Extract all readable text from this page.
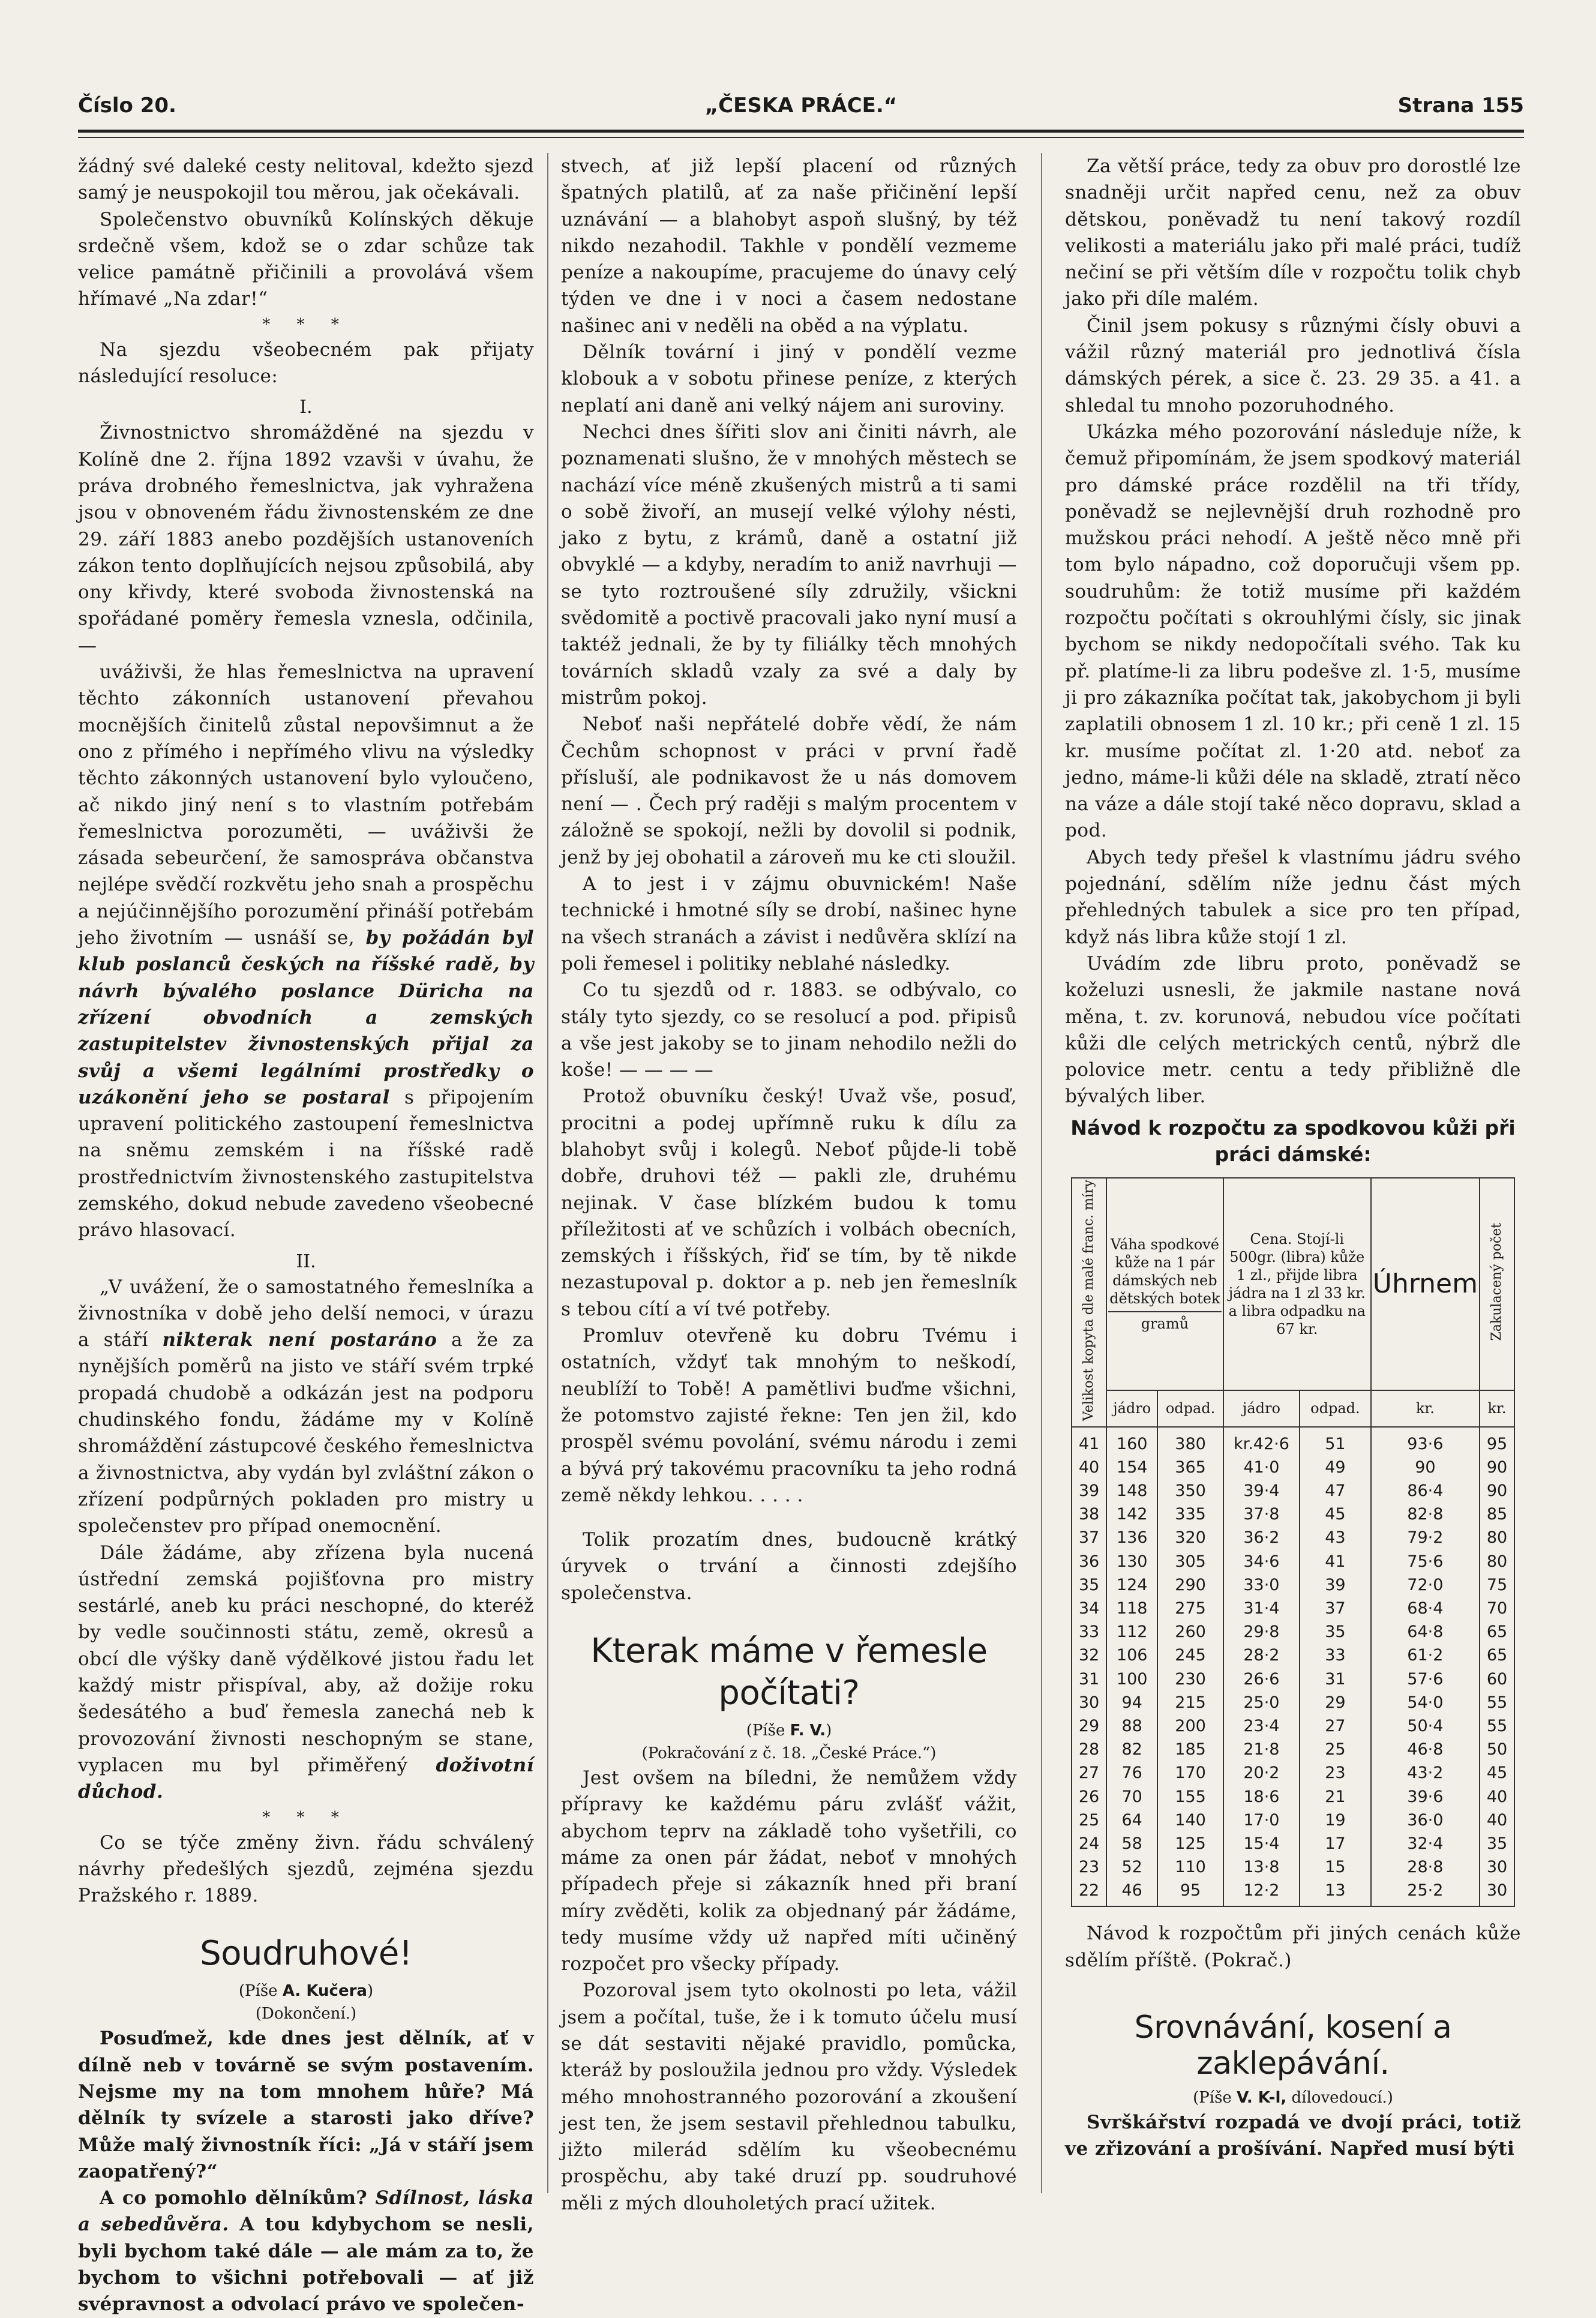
Číslo 20.	„ČESKA PRÁCE.“	Strana 155

žádný své daleké cesty nelitoval, kdežto sjezd samý je neuspokojil tou měrou, jak očekávali.

Společenstvo obuvníků Kolínských děkuje srdečně všem, kdož se o zdar schůze tak velice památně přičinili a provolává všem hřímavé „Na zdar!“

* * *

Na sjezdu všeobecném pak přijaty následující resoluce:

I.

Živnostnictvo shromážděné na sjezdu v Kolíně dne 2. října 1892 vzavši v úvahu, že práva drobného řemeslnictva, jak vyhražena jsou v obnoveném řádu živnostenském ze dne 29. září 1883 anebo pozdějších ustanoveních zákon tento doplňujících nejsou způsobilá, aby ony křivdy, které svoboda živnostenská na spořádané poměry řemesla vznesla, odčinila, —

uváživši, že hlas řemeslnictva na upravení těchto zákonních ustanovení převahou mocnějších činitelů zůstal nepovšimnut a že ono z přímého i nepřímého vlivu na výsledky těchto zákonných ustanovení bylo vyloučeno, ač nikdo jiný není s to vlastním potřebám řemeslnictva porozuměti, — uváživši že zásada sebeurčení, že samospráva občanstva nejlépe svědčí rozkvětu jeho snah a prospěchu a nejúčinnějšího porozumění přináší potřebám jeho životním — usnáší se, by požádán byl klub poslanců českých na říšské radě, by návrh bývalého poslance Düricha na zřízení obvodních a zemských zastupitelstev živnostenských přijal za svůj a všemi legálními prostředky o uzákonění jeho se postaral s připojením upravení politického zastoupení řemeslnictva na sněmu zemském i na říšské radě prostřednictvím živnostenského zastupitelstva zemského, dokud nebude zavedeno všeobecné právo hlasovací.

II.

„V uvážení, že o samostatného řemeslníka a živnostníka v době jeho delší nemoci, v úrazu a stáří nikterak není postaráno a že za nynějších poměrů na jisto ve stáří svém trpké propadá chudobě a odkázán jest na podporu chudinského fondu, žádáme my v Kolíně shromáždění zástupcové českého řemeslnictva a živnostnictva, aby vydán byl zvláštní zákon o zřízení podpůrných pokladen pro mistry u společenstev pro případ onemocnění.

Dále žádáme, aby zřízena byla nucená ústřední zemská pojišťovna pro mistry sestárlé, aneb ku práci neschopné, do kteréž by vedle součinnosti státu, země, okresů a obcí dle výšky daně výdělkové jistou řadu let každý mistr přispíval, aby, až dožije roku šedesátého a buď řemesla zanechá neb k provozování živnosti neschopným se stane, vyplacen mu byl přiměřený doživotní důchod.

* * *

Co se týče změny živn. řádu schválený návrhy předešlých sjezdů, zejména sjezdu Pražského r. 1889.

Soudruhové!
(Píše A. Kučera)
(Dokončení.)

Posuďmež, kde dnes jest dělník, ať v dílně neb v továrně se svým postavením. Nejsme my na tom mnohem hůře? Má dělník ty svízele a starosti jako dříve? Může malý živnostník říci: „Já v stáří jsem zaopatřený?“

A co pomohlo dělníkům? Sdílnost, láska a sebedůvěra. A tou kdybychom se nesli, byli bychom také dále — ale mám za to, že bychom to všichni potřebovali — ať již svépravnost a odvolací právo ve společen-

stvech, ať již lepší placení od různých špatných platilů, ať za naše přičinění lepší uznávání — a blahobyt aspoň slušný, by též nikdo nezahodil. Takhle v pondělí vezmeme peníze a nakoupíme, pracujeme do únavy celý týden ve dne i v noci a časem nedostane našinec ani v neděli na oběd a na výplatu.

Dělník tovární i jiný v pondělí vezme klobouk a v sobotu přinese peníze, z kterých neplatí ani daně ani velký nájem ani suroviny.

Nechci dnes šířiti slov ani činiti návrh, ale poznamenati slušno, že v mnohých městech se nachází více méně zkušených mistrů a ti sami o sobě živoří, an musejí velké výlohy nésti, jako z bytu, z krámů, daně a ostatní již obvyklé — a kdyby, neradím to aniž navrhuji — se tyto roztroušené síly združily, všickni svědomitě a poctivě pracovali jako nyní musí a taktéž jednali, že by ty filiálky těch mnohých továrních skladů vzaly za své a daly by mistrům pokoj.

Neboť naši nepřátelé dobře vědí, že nám Čechům schopnost v práci v první řadě přísluší, ale podnikavost že u nás domovem není — . Čech prý raději s malým procentem v záložně se spokojí, nežli by dovolil si podnik, jenž by jej obohatil a zároveň mu ke cti sloužil.

A to jest i v zájmu obuvnickém! Naše technické i hmotné síly se drobí, našinec hyne na všech stranách a závist i nedůvěra sklízí na poli řemesel i politiky neblahé následky.

Co tu sjezdů od r. 1883. se odbývalo, co stály tyto sjezdy, co se resolucí a pod. připisů a vše jest jakoby se to jinam nehodilo nežli do koše! — — — —

Protož obuvníku český! Uvaž vše, posuď, procitni a podej upřímně ruku k dílu za blahobyt svůj i kolegů. Neboť půjde-li tobě dobře, druhovi též — pakli zle, druhému nejinak. V čase blízkém budou k tomu příležitosti ať ve schůzích i volbách obecních, zemských i říšských, řiď se tím, by tě nikde nezastupoval p. doktor a p. neb jen řemeslník s tebou cítí a ví tvé potřeby.

Promluv otevřeně ku dobru Tvému i ostatních, vždyť tak mnohým to neškodí, neublíží to Tobě! A pamětlivi buďme všichni, že potomstvo zajisté řekne: Ten jen žil, kdo prospěl svému povolání, svému národu i zemi a bývá prý takovému pracovníku ta jeho rodná země někdy lehkou. . . . .

Tolik prozatím dnes, budoucně krátký úryvek o trvání a činnosti zdejšího společenstva.

Kterak máme v řemesle počítati?
(Píše F. V.)
(Pokračování z č. 18. „České Práce.“)

Jest ovšem na bíledni, že nemůžem vždy přípravy ke každému páru zvlášť vážit, abychom teprv na základě toho vyšetřili, co máme za onen pár žádat, neboť v mnohých případech přeje si zákazník hned při braní míry zvěděti, kolik za objednaný pár žádáme, tedy musíme vždy už napřed míti učiněný rozpočet pro všecky případy.

Pozoroval jsem tyto okolnosti po leta, vážil jsem a počítal, tuše, že i k tomuto účelu musí se dát sestaviti nějaké pravidlo, pomůcka, kteráž by posloužila jednou pro vždy. Výsledek mého mnohostranného pozorování a zkoušení jest ten, že jsem sestavil přehlednou tabulku, jižto milerád sdělím ku všeobecnému prospěchu, aby také druzí pp. soudruhové měli z mých dlouholetých prací užitek.

Za větší práce, tedy za obuv pro dorostlé lze snadněji určit napřed cenu, než za obuv dětskou, poněvadž tu není takový rozdíl velikosti a materiálu jako při malé práci, tudíž nečiní se při větším díle v rozpočtu tolik chyb jako při díle malém.

Činil jsem pokusy s různými čísly obuvi a vážil různý materiál pro jednotlivá čísla dámských pérek, a sice č. 23. 29 35. a 41. a shledal tu mnoho pozoruhodného.

Ukázka mého pozorování následuje níže, k čemuž připomínám, že jsem spodkový materiál pro dámské práce rozdělil na tři třídy, poněvadž se nejlevnější druh rozhodně pro mužskou práci nehodí. A ještě něco mně při tom bylo nápadno, což doporučuji všem pp. soudruhům: že totiž musíme při každém rozpočtu počítati s okrouhlými čísly, sic jinak bychom se nikdy nedopočítali svého. Tak ku př. platíme-li za libru podešve zl. 1·5, musíme ji pro zákazníka počítat tak, jakobychom ji byli zaplatili obnosem 1 zl. 10 kr.; při ceně 1 zl. 15 kr. musíme počítat zl. 1·20 atd. neboť za jedno, máme-li kůži déle na skladě, ztratí něco na váze a dále stojí také něco dopravu, sklad a pod.

Abych tedy přešel k vlastnímu jádru svého pojednání, sdělím níže jednu část mých přehledných tabulek a sice pro ten případ, když nás libra kůže stojí 1 zl.

Uvádím zde libru proto, poněvadž se koželuzi usnesli, že jakmile nastane nová měna, t. zv. korunová, nebudou více počítati kůži dle celých metrických centů, nýbrž dle polovice metr. centu a tedy přibližně dle bývalých liber.

Návod k rozpočtu za spodkovou kůži při práci dámské:
Velikost kopyta dle malé franc. míry	Váha spodkové kůže na 1 pár dámských neb dětských botek
gramů		Cena. Stojí-li 500gr. (libra) kůže 1 zl., přijde libra jádra na 1 zl 33 kr. a libra odpadku na 67 kr.		Úhrnem	Zakulacený počet
	jádro	odpad.	jádro	odpad.	kr.	kr.
41	160	380	kr.42·6	51	93·6	95
40	154	365	41·0	49	90	90
39	148	350	39·4	47	86·4	90
38	142	335	37·8	45	82·8	85
37	136	320	36·2	43	79·2	80
36	130	305	34·6	41	75·6	80
35	124	290	33·0	39	72·0	75
34	118	275	31·4	37	68·4	70
33	112	260	29·8	35	64·8	65
32	106	245	28·2	33	61·2	65
31	100	230	26·6	31	57·6	60
30	94	215	25·0	29	54·0	55
29	88	200	23·4	27	50·4	55
28	82	185	21·8	25	46·8	50
27	76	170	20·2	23	43·2	45
26	70	155	18·6	21	39·6	40
25	64	140	17·0	19	36·0	40
24	58	125	15·4	17	32·4	35
23	52	110	13·8	15	28·8	30
22	46	95	12·2	13	25·2	30

Návod k rozpočtům při jiných cenách kůže sdělím příště. (Pokrač.)

Srovnávání, kosení a zaklepávání.
(Píše V. K-l, dílovedoucí.)

Svrškářství rozpadá ve dvojí práci, totiž ve zřizování a prošívání. Napřed musí býti
